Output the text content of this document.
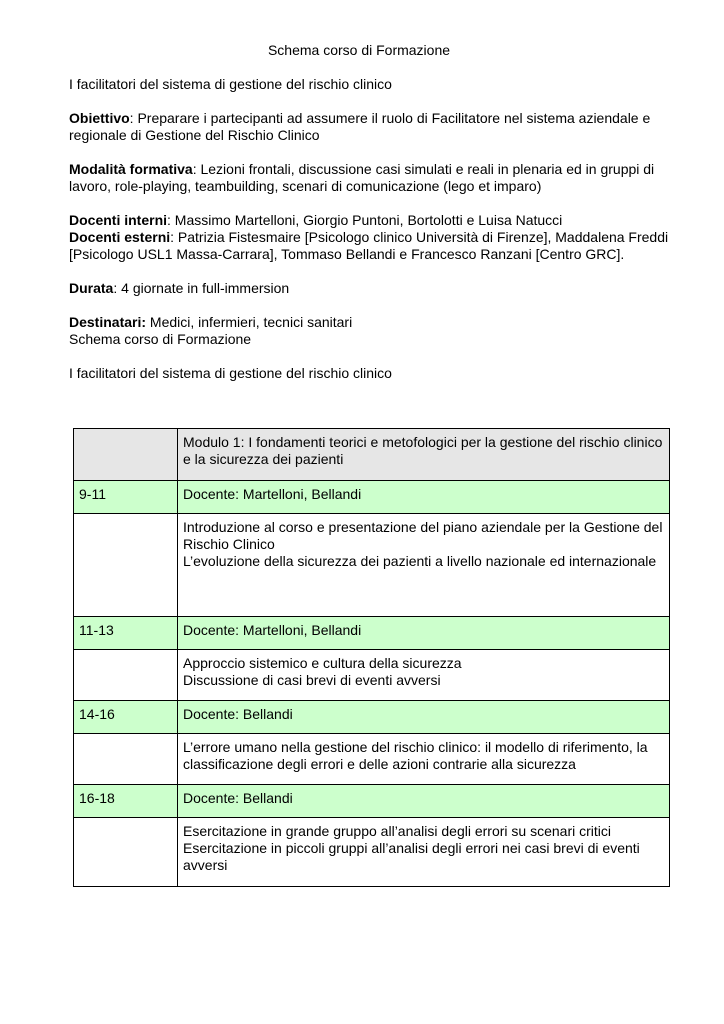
Schema corso di Formazione

I facilitatori del sistema di gestione del rischio clinico

Obiettivo: Preparare i partecipanti ad assumere il ruolo di Facilitatore nel sistema aziendale e regionale di Gestione del Rischio Clinico

Modalità formativa: Lezioni frontali, discussione casi simulati e reali in plenaria ed in gruppi di lavoro, role-playing, teambuilding, scenari di comunicazione (lego et imparo)

Docenti interni: Massimo Martelloni, Giorgio Puntoni, Bortolotti e Luisa Natucci

Docenti esterni: Patrizia Fistesmaire [Psicologo clinico Università di Firenze], Maddalena Freddi [Psicologo USL1 Massa-Carrara], Tommaso Bellandi e Francesco Ranzani [Centro GRC].

Durata: 4 giornate in full-immersion

Destinatari: Medici, infermieri, tecnici sanitari

Schema corso di Formazione

I facilitatori del sistema di gestione del rischio clinico

	Modulo 1: I fondamenti teorici e metofologici per la gestione del rischio clinico e la sicurezza dei pazienti
9-11	Docente: Martelloni, Bellandi

	Introduzione al corso e presentazione del piano aziendale per la Gestione del Rischio Clinico
L’evoluzione della sicurezza dei pazienti a livello nazionale ed internazionale

11-13	Docente: Martelloni, Bellandi

	Approccio sistemico e cultura della sicurezza
Discussione di casi brevi di eventi avversi

14-16	Docente: Bellandi

	L’errore umano nella gestione del rischio clinico: il modello di riferimento, la classificazione degli errori e delle azioni contrarie alla sicurezza

16-18	Docente: Bellandi

	Esercitazione in grande gruppo all’analisi degli errori su scenari critici
Esercitazione in piccoli gruppi all’analisi degli errori nei casi brevi di eventi avversi
